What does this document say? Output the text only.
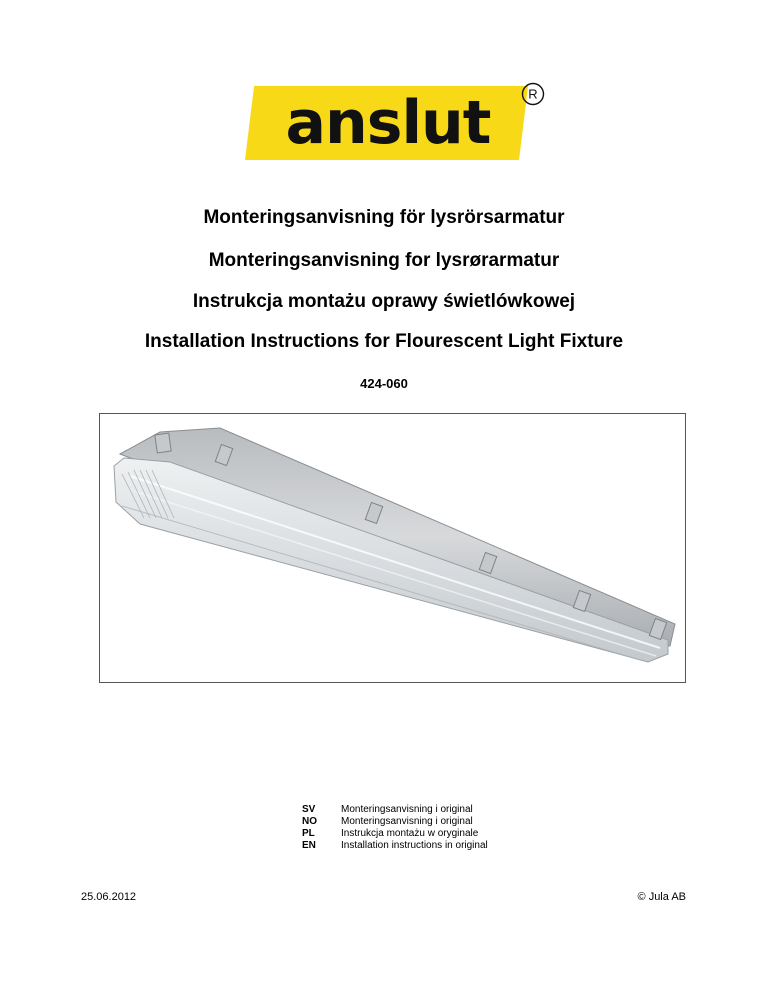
anslut	R
Monteringsanvisning för lysrörsarmatur
Monteringsanvisning for lysrørarmatur
Instrukcja montażu oprawy świetlówkowej
Installation Instructions for Flourescent Light Fixture
424-060
SV	Monteringsanvisning i original
NO	Monteringsanvisning i original
PL	Instrukcja montażu w oryginale
EN	Installation instructions in original
25.06.2012	© Jula AB
